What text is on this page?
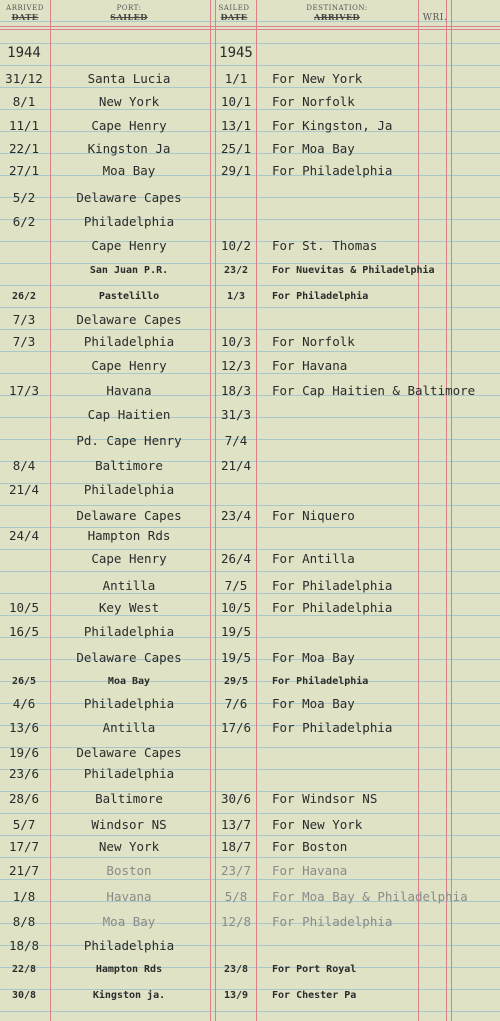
ARRIVED
DATE
PORT:
SAILED
SAILED
DATE
DESTINATION:
ARRIVED	WRI.
1944	1945
31/12	Santa Lucia	1/1	For New York
8/1	New York	10/1	For Norfolk
11/1	Cape Henry	13/1	For Kingston, Ja
22/1	Kingston Ja	25/1	For Moa Bay
27/1	Moa Bay	29/1	For Philadelphia
5/2	Delaware Capes
6/2	Philadelphia
Cape Henry	10/2	For St. Thomas
San Juan P.R.	23/2	For Nuevitas & Philadelphia
26/2	Pastelillo	1/3	For Philadelphia
7/3	Delaware Capes
7/3	Philadelphia	10/3	For Norfolk
Cape Henry	12/3	For Havana
17/3	Havana	18/3	For Cap Haitien & Baltimore
Cap Haitien	31/3
Pd. Cape Henry	7/4
8/4	Baltimore	21/4
21/4	Philadelphia
Delaware Capes	23/4	For Niquero
24/4	Hampton Rds
Cape Henry	26/4	For Antilla
Antilla	7/5	For Philadelphia
10/5	Key West	10/5	For Philadelphia
16/5	Philadelphia	19/5
Delaware Capes	19/5	For Moa Bay
26/5	Moa Bay	29/5	For Philadelphia
4/6	Philadelphia	7/6	For Moa Bay
13/6	Antilla	17/6	For Philadelphia
19/6	Delaware Capes
23/6	Philadelphia
28/6	Baltimore	30/6	For Windsor NS
5/7	Windsor NS	13/7	For New York
17/7	New York	18/7	For Boston
21/7	Boston	23/7	For Havana
1/8	Havana	5/8	For Moa Bay & Philadelphia
8/8	Moa Bay	12/8	For Philadelphia
18/8	Philadelphia
22/8	Hampton Rds	23/8	For Port Royal
30/8	Kingston ja.	13/9	For Chester Pa
